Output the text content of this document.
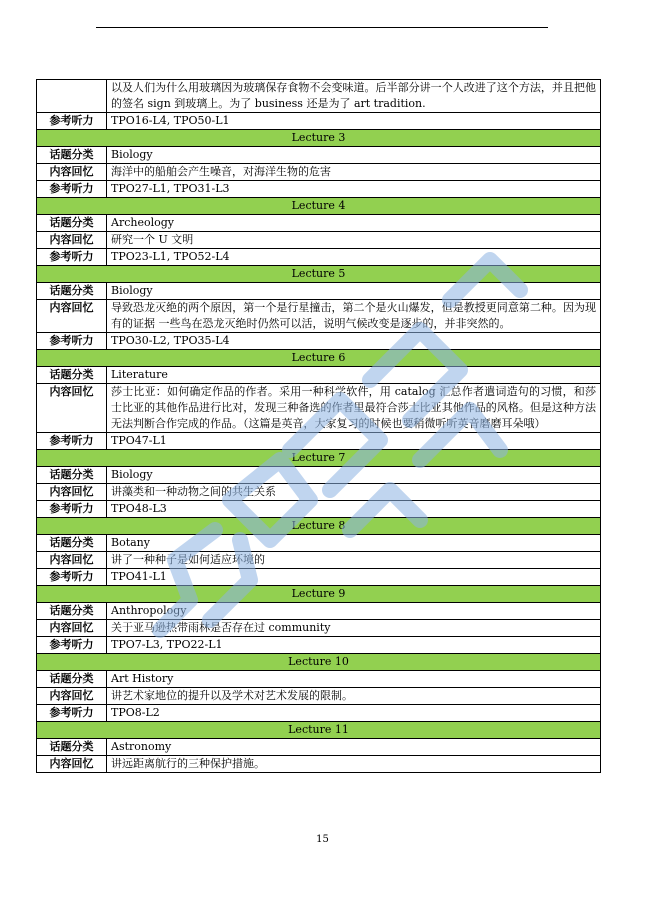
	以及人们为什么用玻璃因为玻璃保存食物不会变味道。后半部分讲一个人改进了这个方法，并且把他的签名 sign 到玻璃上。为了 business 还是为了 art tradition.
参考听力	TPO16-L4, TPO50-L1
Lecture 3	
话题分类	Biology
内容回忆	海洋中的船舶会产生噪音，对海洋生物的危害
参考听力	TPO27-L1, TPO31-L3
Lecture 4	
话题分类	Archeology
内容回忆	研究一个 U 文明
参考听力	TPO23-L1, TPO52-L4
Lecture 5	
话题分类	Biology
内容回忆	导致恐龙灭绝的两个原因，第一个是行星撞击，第二个是火山爆发，但是教授更同意第二种。因为现有的证据 一些鸟在恐龙灭绝时仍然可以活，说明气候改变是逐步的，并非突然的。
参考听力	TPO30-L2, TPO35-L4
Lecture 6	
话题分类	Literature
内容回忆	莎士比亚：如何确定作品的作者。采用一种科学软件，用 catalog 汇总作者遣词造句的习惯，和莎士比亚的其他作品进行比对，发现三种备选的作者里最符合莎士比亚其他作品的风格。但是这种方法无法判断合作完成的作品。（这篇是英音，大家复习的时候也要稍微听听英音磨磨耳朵哦）
参考听力	TPO47-L1
Lecture 7	
话题分类	Biology
内容回忆	讲藻类和一种动物之间的共生关系
参考听力	TPO48-L3
Lecture 8	
话题分类	Botany
内容回忆	讲了一种种子是如何适应环境的
参考听力	TPO41-L1
Lecture 9	
话题分类	Anthropology
内容回忆	关于亚马逊热带雨林是否存在过 community
参考听力	TPO7-L3, TPO22-L1
Lecture 10	
话题分类	Art History
内容回忆	讲艺术家地位的提升以及学术对艺术发展的限制。
参考听力	TPO8-L2
Lecture 11	
话题分类	Astronomy
内容回忆	讲远距离航行的三种保护措施。
15
